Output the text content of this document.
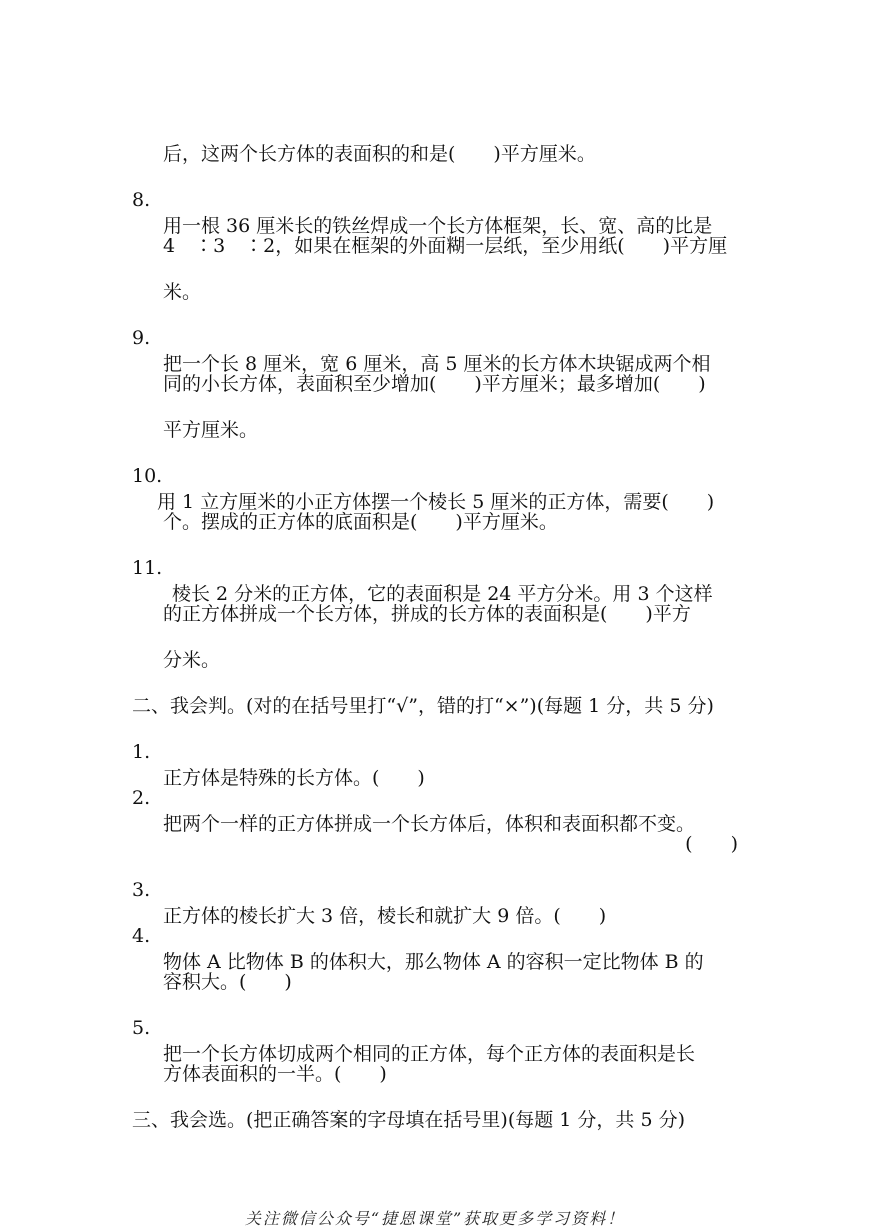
后，这两个长方体的表面积的和是(　　)平方厘米。

8.

用一根 36 厘米长的铁丝焊成一个长方体框架，长、宽、高的比是

4　∶3　∶2，如果在框架的外面糊一层纸，至少用纸(　　)平方厘

米。

9.

把一个长 8 厘米，宽 6 厘米，高 5 厘米的长方体木块锯成两个相

同的小长方体，表面积至少增加(　　)平方厘米；最多增加(　　)

平方厘米。

10.

用 1 立方厘米的小正方体摆一个棱长 5 厘米的正方体，需要(　　)

个。摆成的正方体的底面积是(　　)平方厘米。

11.

棱长 2 分米的正方体，它的表面积是 24 平方分米。用 3 个这样

的正方体拼成一个长方体，拼成的长方体的表面积是(　　)平方

分米。

二、我会判。(对的在括号里打“√”，错的打“×”)(每题 1 分，共 5 分)

1.

正方体是特殊的长方体。(　　)

2.

把两个一样的正方体拼成一个长方体后，体积和表面积都不变。

(　　)

3.

正方体的棱长扩大 3 倍，棱长和就扩大 9 倍。(　　)

4.

物体 A 比物体 B 的体积大，那么物体 A 的容积一定比物体 B 的

容积大。(　　)

5.

把一个长方体切成两个相同的正方体，每个正方体的表面积是长

方体表面积的一半。(　　)

三、我会选。(把正确答案的字母填在括号里)(每题 1 分，共 5 分)

关注微信公众号“捷恩课堂”获取更多学习资料！
